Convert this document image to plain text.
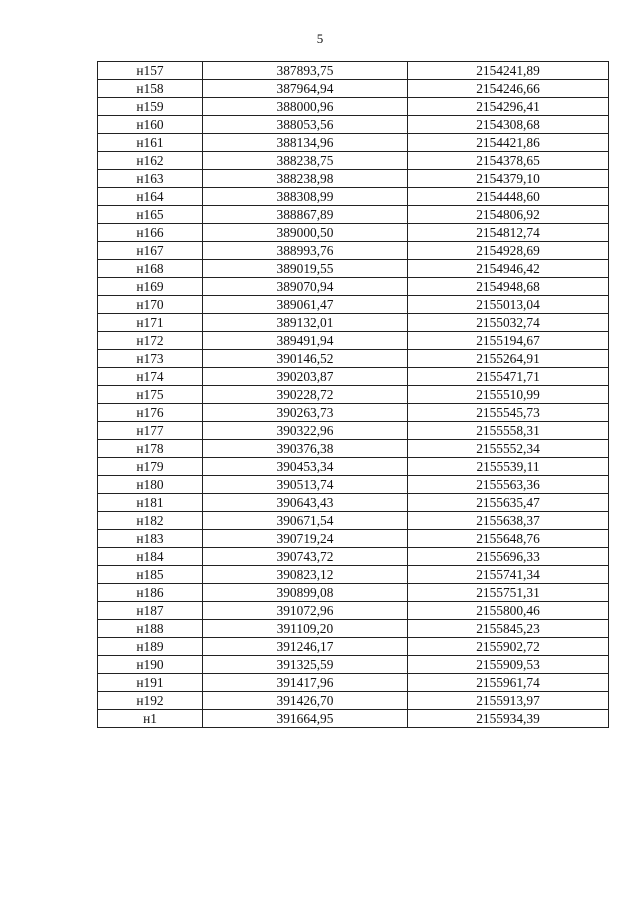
5
н157	387893,75	2154241,89
н158	387964,94	2154246,66
н159	388000,96	2154296,41
н160	388053,56	2154308,68
н161	388134,96	2154421,86
н162	388238,75	2154378,65
н163	388238,98	2154379,10
н164	388308,99	2154448,60
н165	388867,89	2154806,92
н166	389000,50	2154812,74
н167	388993,76	2154928,69
н168	389019,55	2154946,42
н169	389070,94	2154948,68
н170	389061,47	2155013,04
н171	389132,01	2155032,74
н172	389491,94	2155194,67
н173	390146,52	2155264,91
н174	390203,87	2155471,71
н175	390228,72	2155510,99
н176	390263,73	2155545,73
н177	390322,96	2155558,31
н178	390376,38	2155552,34
н179	390453,34	2155539,11
н180	390513,74	2155563,36
н181	390643,43	2155635,47
н182	390671,54	2155638,37
н183	390719,24	2155648,76
н184	390743,72	2155696,33
н185	390823,12	2155741,34
н186	390899,08	2155751,31
н187	391072,96	2155800,46
н188	391109,20	2155845,23
н189	391246,17	2155902,72
н190	391325,59	2155909,53
н191	391417,96	2155961,74
н192	391426,70	2155913,97
н1	391664,95	2155934,39
